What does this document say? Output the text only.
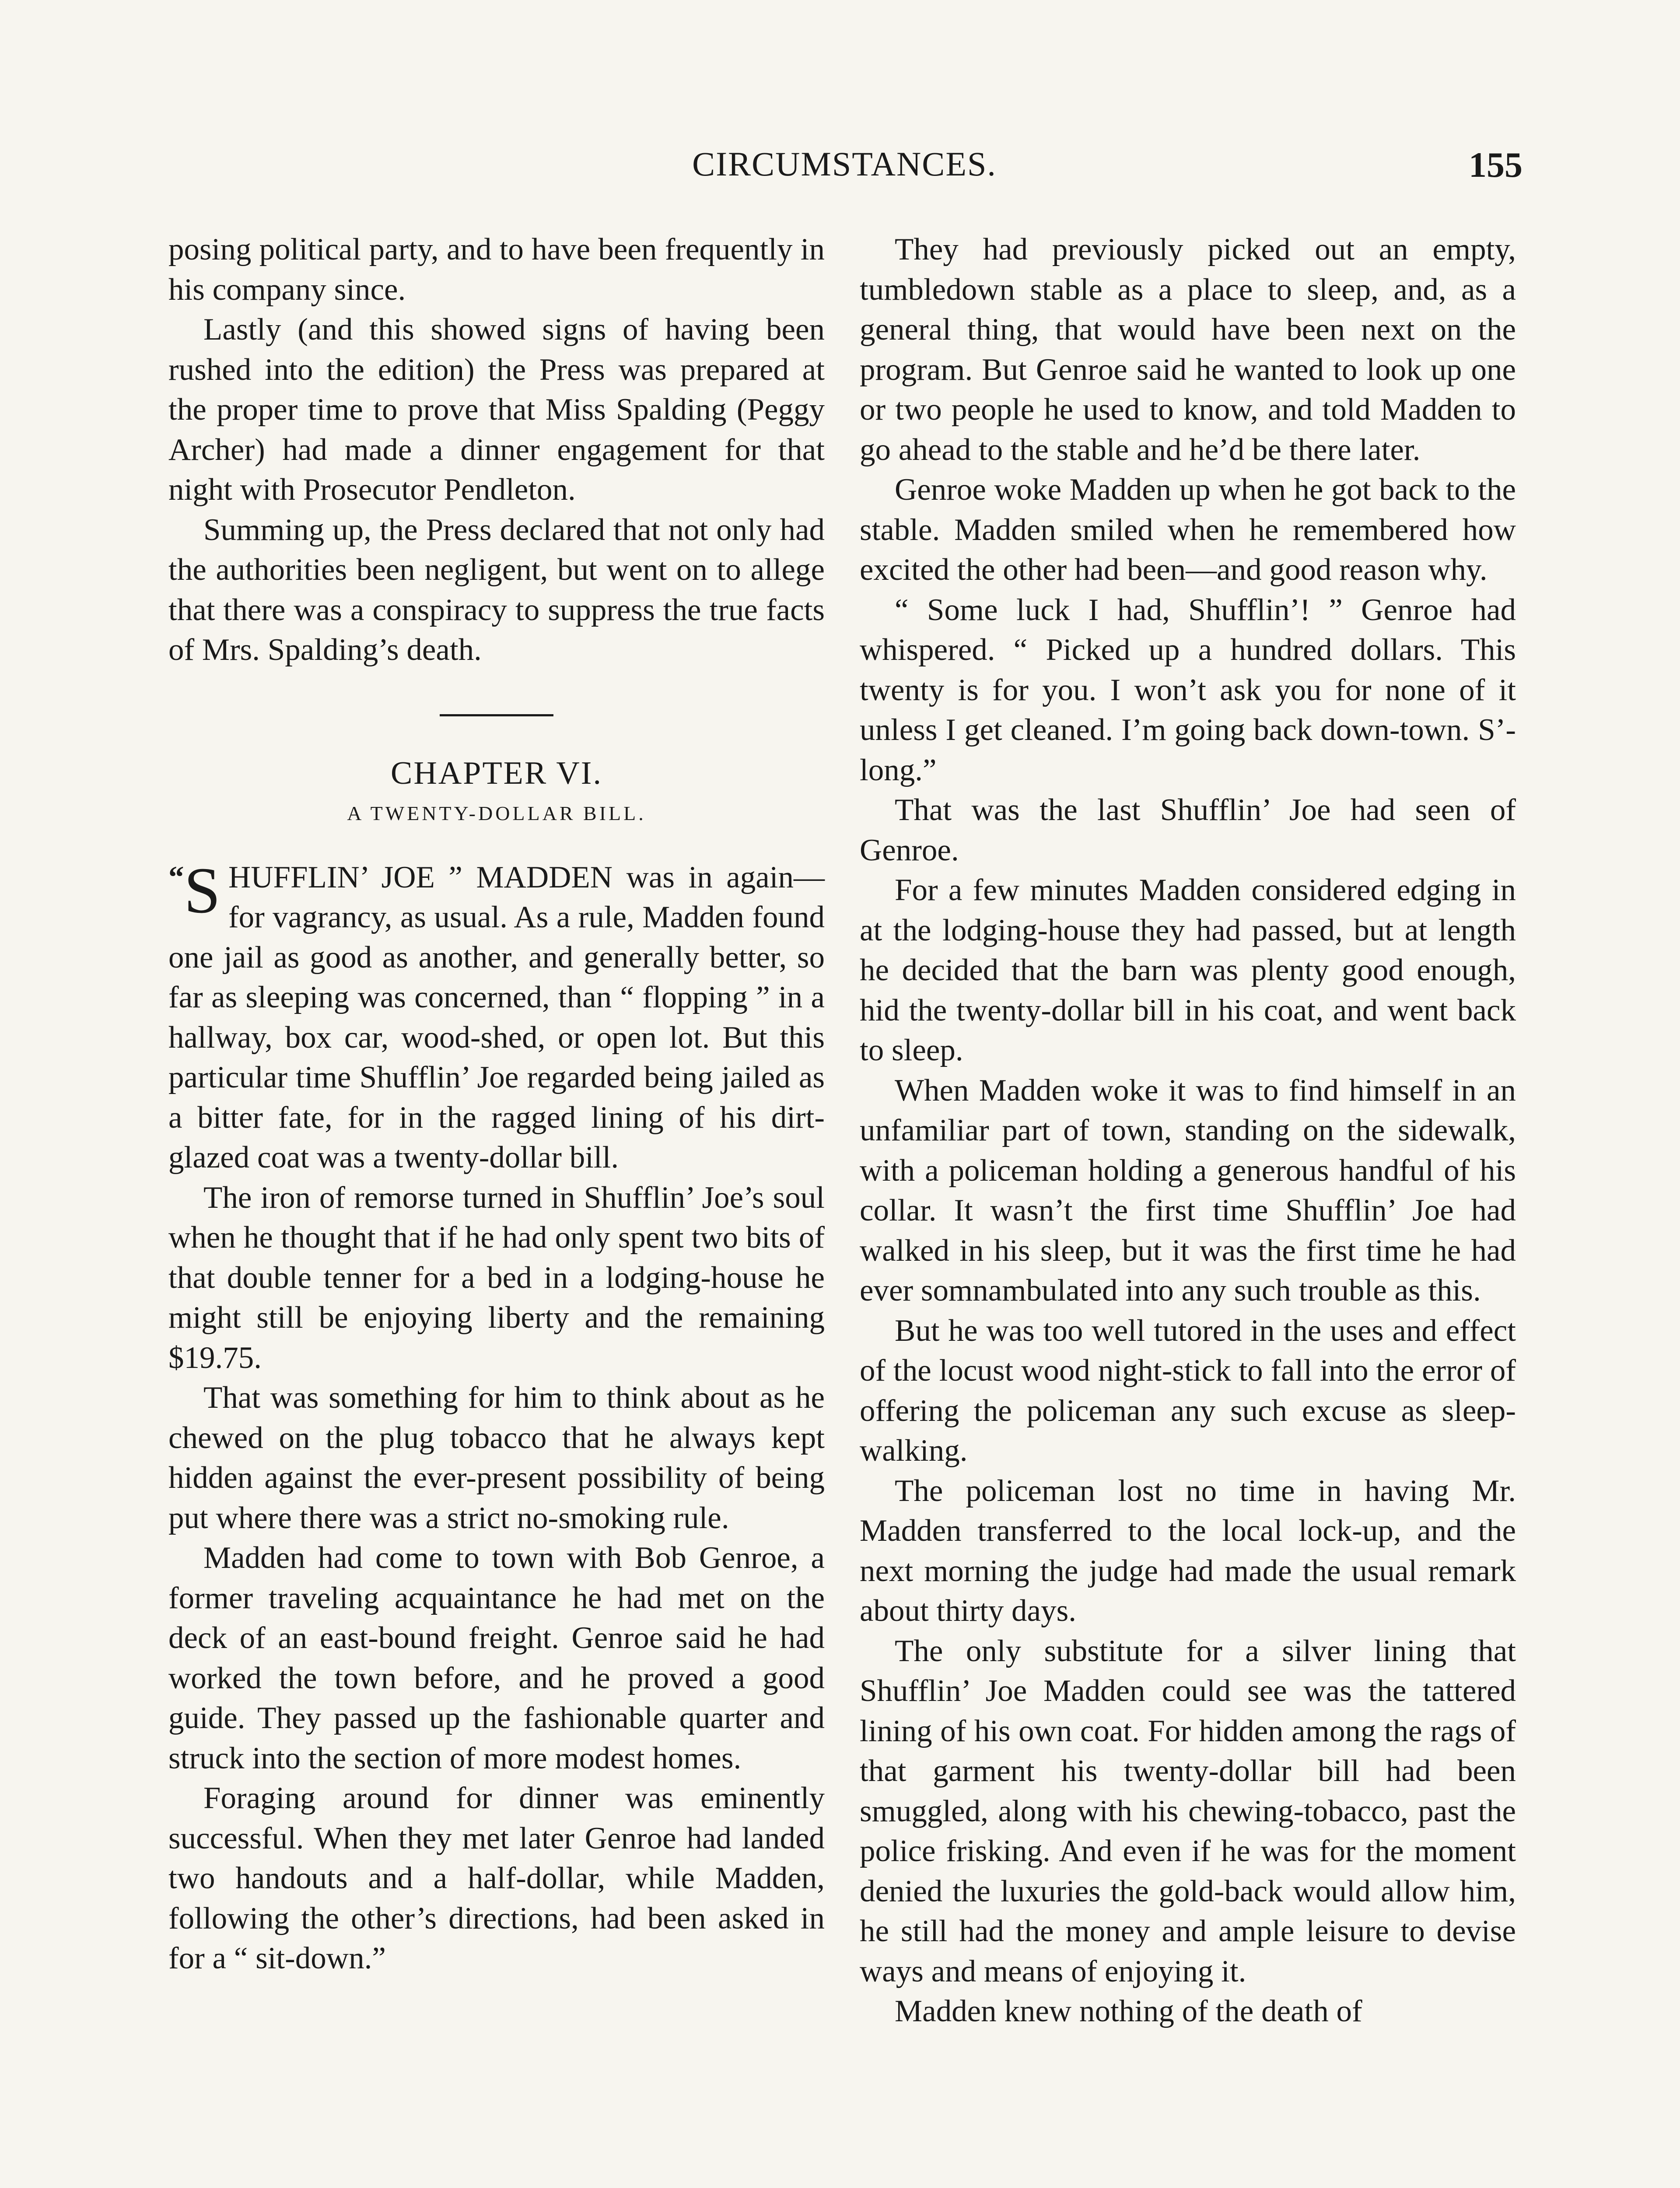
CIRCUMSTANCES.	155

posing political party, and to have been frequently in his company since.

Lastly (and this showed signs of having been rushed into the edition) the Press was prepared at the proper time to prove that Miss Spalding (Peggy Archer) had made a dinner engagement for that night with Prosecutor Pendleton.

Summing up, the Press declared that not only had the authorities been negligent, but went on to allege that there was a conspiracy to suppress the true facts of Mrs. Spalding’s death.

CHAPTER VI.

A TWENTY-DOLLAR BILL.

“ S HUFFLIN’ JOE ” MADDEN was in again—for vagrancy, as usual. As a rule, Madden found one jail as good as another, and generally better, so far as sleeping was concerned, than “ flopping ” in a hallway, box car, wood-shed, or open lot. But this particular time Shufflin’ Joe regarded being jailed as a bitter fate, for in the ragged lining of his dirt-glazed coat was a twenty-dollar bill.

The iron of remorse turned in Shufflin’ Joe’s soul when he thought that if he had only spent two bits of that double tenner for a bed in a lodging-house he might still be enjoying liberty and the remaining $19.75.

That was something for him to think about as he chewed on the plug tobacco that he always kept hidden against the ever-present possibility of being put where there was a strict no-smoking rule.

Madden had come to town with Bob Genroe, a former traveling acquaintance he had met on the deck of an east-bound freight. Genroe said he had worked the town before, and he proved a good guide. They passed up the fashionable quarter and struck into the section of more modest homes.

Foraging around for dinner was eminently successful. When they met later Genroe had landed two handouts and a half-dollar, while Madden, following the other’s directions, had been asked in for a “ sit-down.”

They had previously picked out an empty, tumbledown stable as a place to sleep, and, as a general thing, that would have been next on the program. But Genroe said he wanted to look up one or two people he used to know, and told Madden to go ahead to the stable and he’d be there later.

Genroe woke Madden up when he got back to the stable. Madden smiled when he remembered how excited the other had been—and good reason why.

“ Some luck I had, Shufflin’! ” Genroe had whispered. “ Picked up a hundred dollars. This twenty is for you. I won’t ask you for none of it unless I get cleaned. I’m going back down-town. S’-long.”

That was the last Shufflin’ Joe had seen of Genroe.

For a few minutes Madden considered edging in at the lodging-house they had passed, but at length he decided that the barn was plenty good enough, hid the twenty-dollar bill in his coat, and went back to sleep.

When Madden woke it was to find himself in an unfamiliar part of town, standing on the sidewalk, with a policeman holding a generous handful of his collar. It wasn’t the first time Shufflin’ Joe had walked in his sleep, but it was the first time he had ever somnambulated into any such trouble as this.

But he was too well tutored in the uses and effect of the locust wood night-stick to fall into the error of offering the policeman any such excuse as sleep-walking.

The policeman lost no time in having Mr. Madden transferred to the local lock-up, and the next morning the judge had made the usual remark about thirty days.

The only substitute for a silver lining that Shufflin’ Joe Madden could see was the tattered lining of his own coat. For hidden among the rags of that garment his twenty-dollar bill had been smuggled, along with his chewing-tobacco, past the police frisking. And even if he was for the moment denied the luxuries the gold-back would allow him, he still had the money and ample leisure to devise ways and means of enjoying it.

Madden knew nothing of the death of
